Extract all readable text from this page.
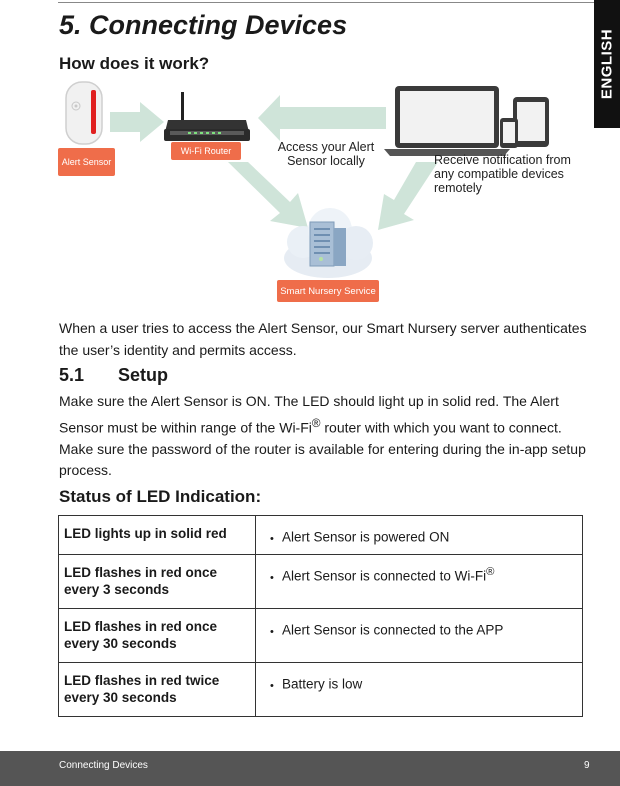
ENGLISH
5. Connecting Devices
How does it work?
Alert Sensor
Wi-Fi Router
Smart Nursery Service
Access your Alert Sensor locally	Receive notification from any compatible devices remotely

When a user tries to access the Alert Sensor, our Smart Nursery server authenticates the user’s identity and permits access.

5.1 Setup

Make sure the Alert Sensor is ON. The LED should light up in solid red. The Alert Sensor must be within range of the Wi-Fi® router with which you want to connect. Make sure the password of the router is available for entering during the in-app setup process.

Status of LED Indication:
LED lights up in solid red	• Alert Sensor is powered ON
LED flashes in red once every 3 seconds	• Alert Sensor is connected to Wi-Fi®
LED flashes in red once every 30 seconds	• Alert Sensor is connected to the APP
LED flashes in red twice every 30 seconds	• Battery is low
Connecting Devices	9
